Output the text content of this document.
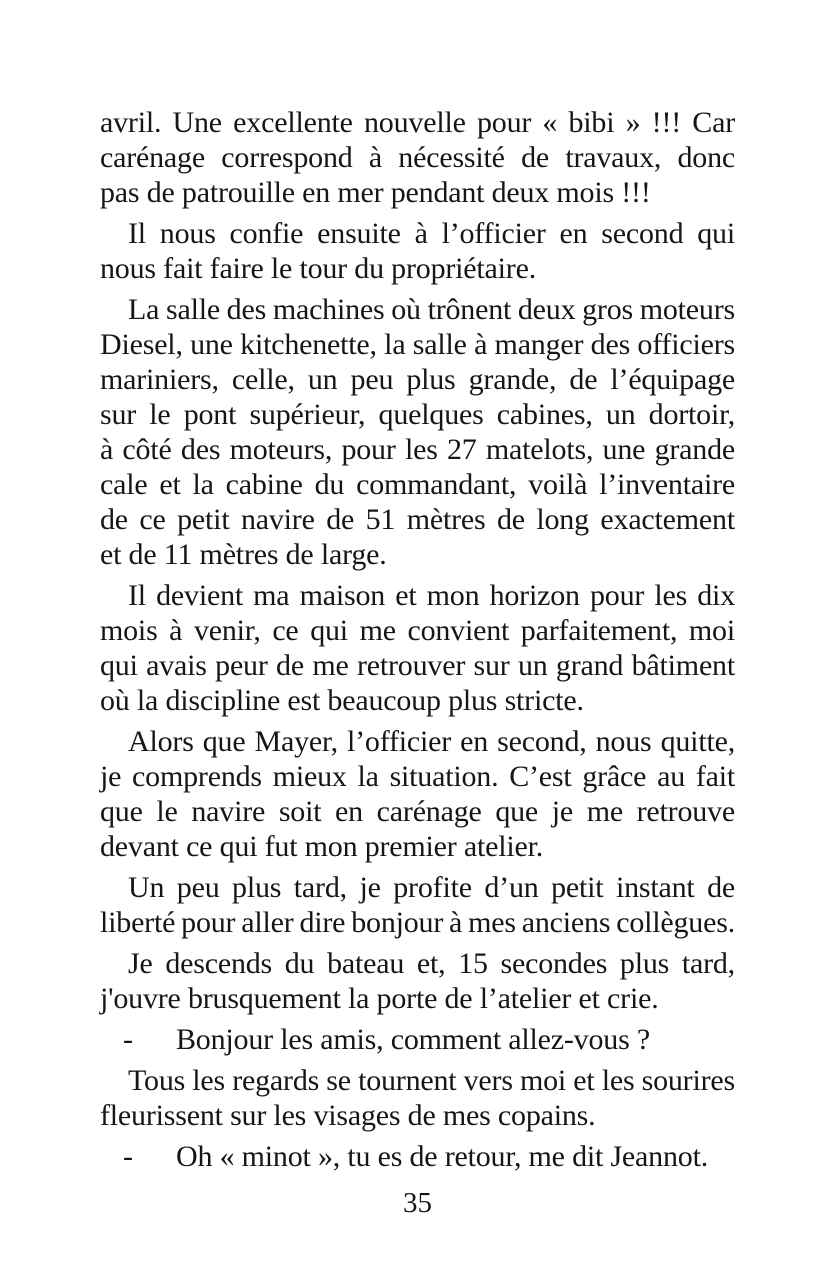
avril. Une excellente nouvelle pour « bibi » !!! Car
carénage correspond à nécessité de travaux, donc
pas de patrouille en mer pendant deux mois !!!
Il nous confie ensuite à l’officier en second qui
nous fait faire le tour du propriétaire.
La salle des machines où trônent deux gros moteurs
Diesel, une kitchenette, la salle à manger des officiers
mariniers, celle, un peu plus grande, de l’équipage
sur le pont supérieur, quelques cabines, un dortoir,
à côté des moteurs, pour les 27 matelots, une grande
cale et la cabine du commandant, voilà l’inventaire
de ce petit navire de 51 mètres de long exactement
et de 11 mètres de large.
Il devient ma maison et mon horizon pour les dix
mois à venir, ce qui me convient parfaitement, moi
qui avais peur de me retrouver sur un grand bâtiment
où la discipline est beaucoup plus stricte.
Alors que Mayer, l’officier en second, nous quitte,
je comprends mieux la situation. C’est grâce au fait
que le navire soit en carénage que je me retrouve
devant ce qui fut mon premier atelier.
Un peu plus tard, je profite d’un petit instant de
liberté pour aller dire bonjour à mes anciens collègues.
Je descends du bateau et, 15 secondes plus tard,
j'ouvre brusquement la porte de l’atelier et crie.
- Bonjour les amis, comment allez-vous ?
Tous les regards se tournent vers moi et les sourires
fleurissent sur les visages de mes copains.
- Oh « minot », tu es de retour, me dit Jeannot.
35
